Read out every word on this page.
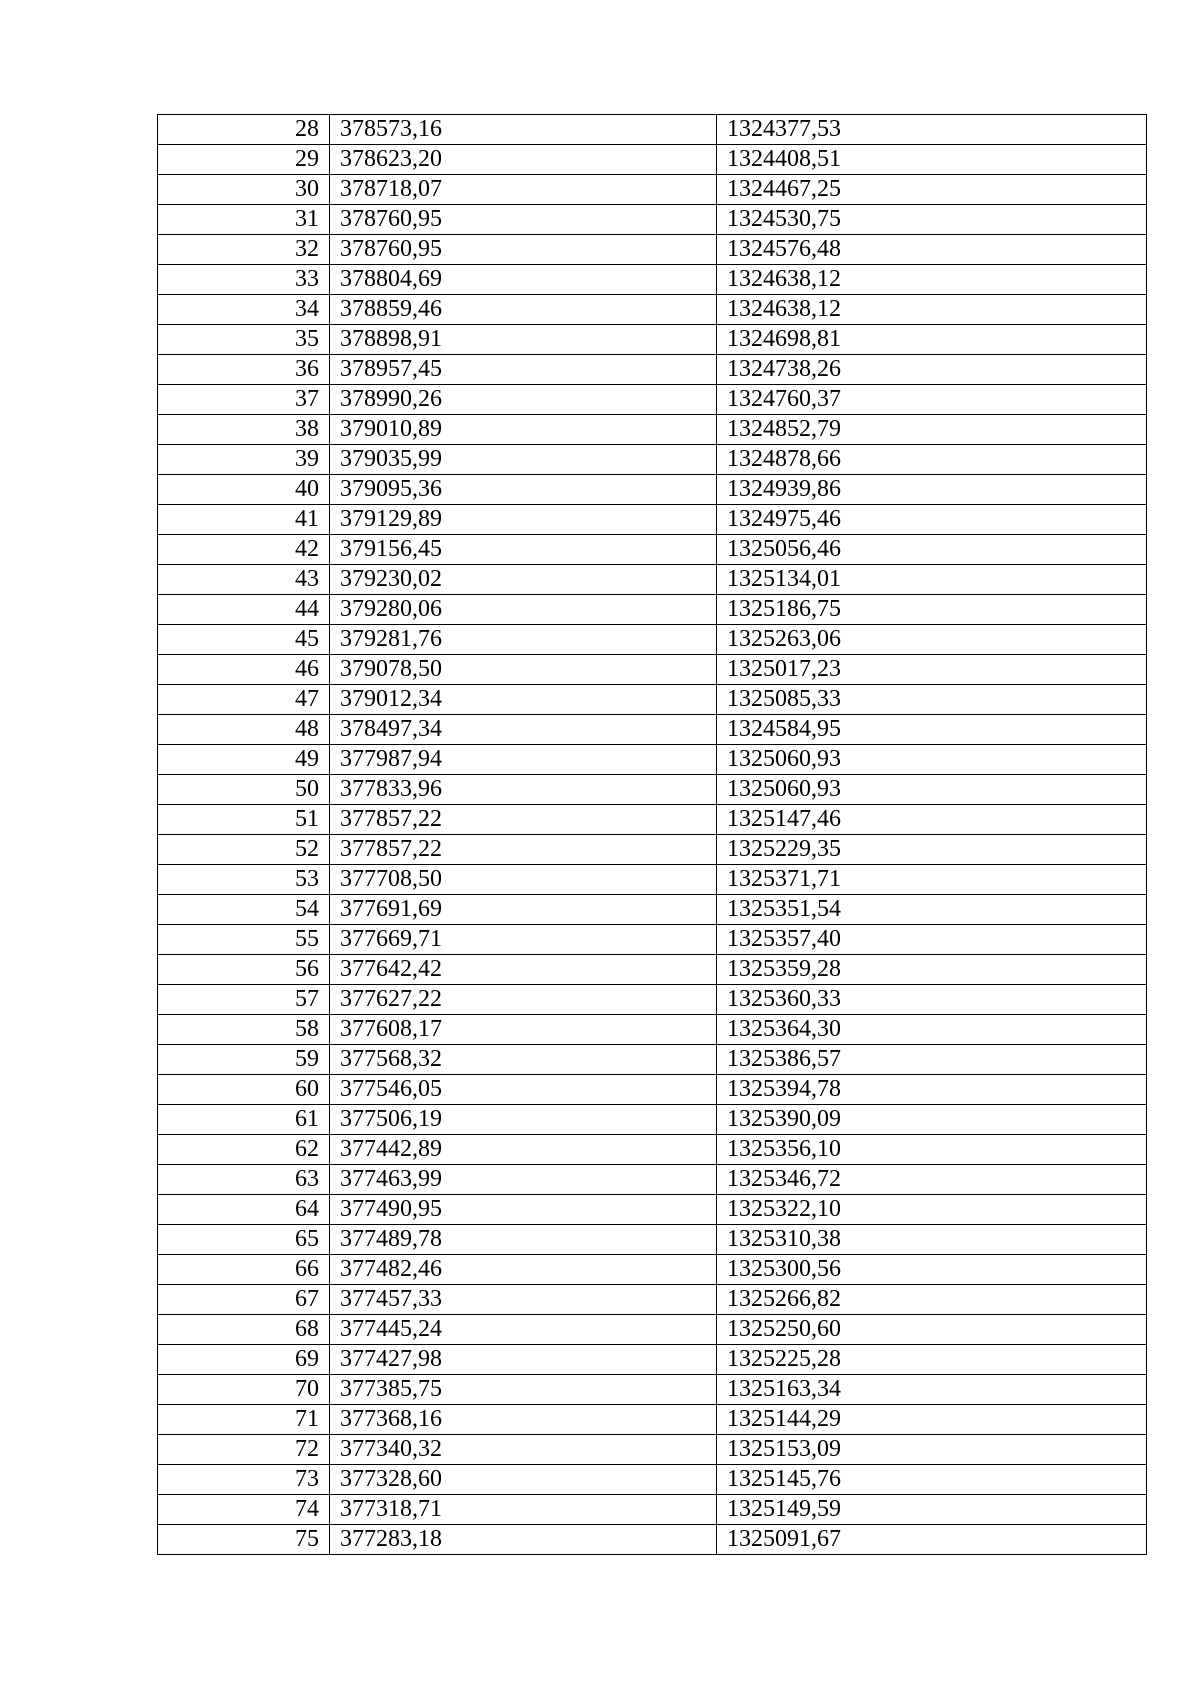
28	378573,16	1324377,53
29	378623,20	1324408,51
30	378718,07	1324467,25
31	378760,95	1324530,75
32	378760,95	1324576,48
33	378804,69	1324638,12
34	378859,46	1324638,12
35	378898,91	1324698,81
36	378957,45	1324738,26
37	378990,26	1324760,37
38	379010,89	1324852,79
39	379035,99	1324878,66
40	379095,36	1324939,86
41	379129,89	1324975,46
42	379156,45	1325056,46
43	379230,02	1325134,01
44	379280,06	1325186,75
45	379281,76	1325263,06
46	379078,50	1325017,23
47	379012,34	1325085,33
48	378497,34	1324584,95
49	377987,94	1325060,93
50	377833,96	1325060,93
51	377857,22	1325147,46
52	377857,22	1325229,35
53	377708,50	1325371,71
54	377691,69	1325351,54
55	377669,71	1325357,40
56	377642,42	1325359,28
57	377627,22	1325360,33
58	377608,17	1325364,30
59	377568,32	1325386,57
60	377546,05	1325394,78
61	377506,19	1325390,09
62	377442,89	1325356,10
63	377463,99	1325346,72
64	377490,95	1325322,10
65	377489,78	1325310,38
66	377482,46	1325300,56
67	377457,33	1325266,82
68	377445,24	1325250,60
69	377427,98	1325225,28
70	377385,75	1325163,34
71	377368,16	1325144,29
72	377340,32	1325153,09
73	377328,60	1325145,76
74	377318,71	1325149,59
75	377283,18	1325091,67
